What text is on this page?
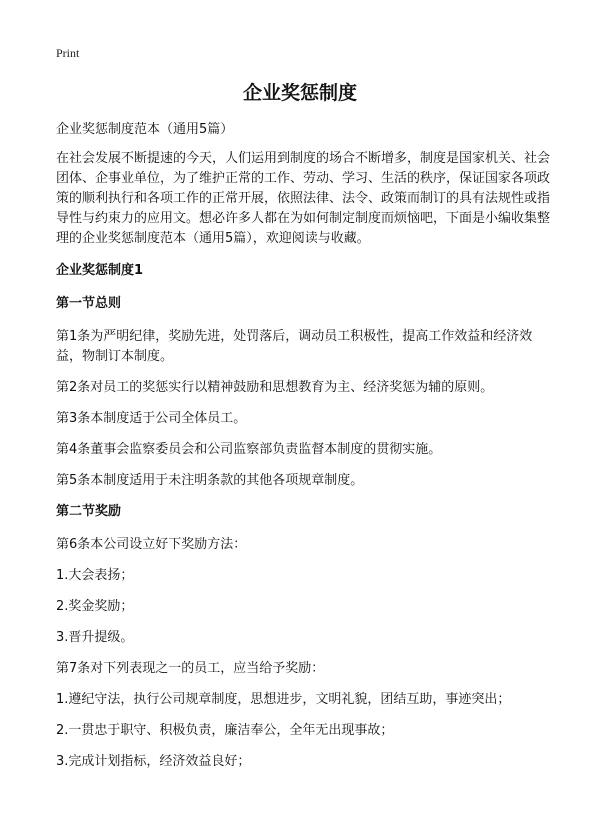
Print
企业奖惩制度

企业奖惩制度范本（通用5篇）

在社会发展不断提速的今天，人们运用到制度的场合不断增多，制度是国家机关、社会团体、企事业单位，为了维护正常的工作、劳动、学习、生活的秩序，保证国家各项政策的顺利执行和各项工作的正常开展，依照法律、法令、政策而制订的具有法规性或指导性与约束力的应用文。想必许多人都在为如何制定制度而烦恼吧，下面是小编收集整理的企业奖惩制度范本（通用5篇），欢迎阅读与收藏。

企业奖惩制度1

第一节总则

第1条为严明纪律，奖励先进，处罚落后，调动员工积极性，提高工作效益和经济效益，物制订本制度。

第2条对员工的奖惩实行以精神鼓励和思想教育为主、经济奖惩为辅的原则。

第3条本制度适于公司全体员工。

第4条董事会监察委员会和公司监察部负责监督本制度的贯彻实施。

第5条本制度适用于未注明条款的其他各项规章制度。

第二节奖励

第6条本公司设立好下奖励方法：

1.大会表扬；

2.奖金奖励；

3.晋升提级。

第7条对下列表现之一的员工，应当给予奖励：

1.遵纪守法，执行公司规章制度，思想进步，文明礼貌，团结互助，事迹突出；

2.一贯忠于职守、积极负责，廉洁奉公，全年无出现事故；

3.完成计划指标，经济效益良好；
